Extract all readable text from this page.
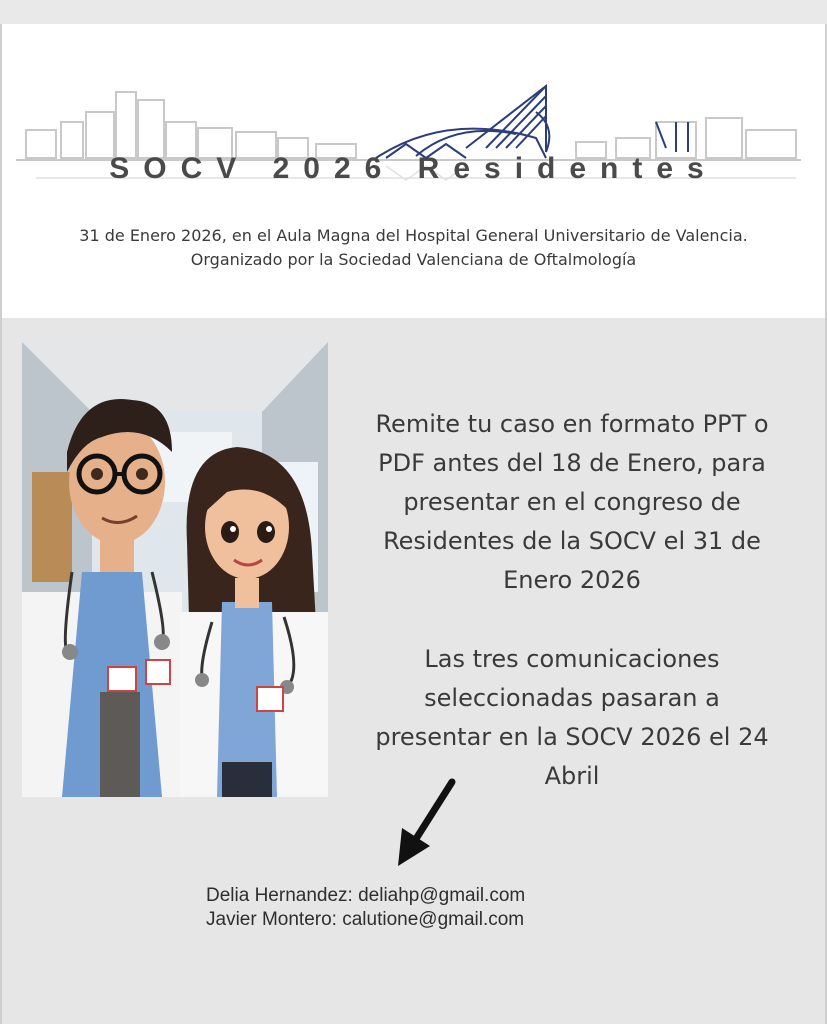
SOCV 2026 Residentes
31 de Enero 2026, en el Aula Magna del Hospital General Universitario de Valencia.
Organizado por la Sociedad Valenciana de Oftalmología

Remite tu caso en formato PPT o

PDF antes del 18 de Enero, para

presentar en el congreso de

Residentes de la SOCV el 31 de

Enero 2026

Las tres comunicaciones

seleccionadas pasaran a

presentar en la SOCV 2026 el 24

Abril

Delia Hernandez: deliahp@gmail.com
Javier Montero: calutione@gmail.com
